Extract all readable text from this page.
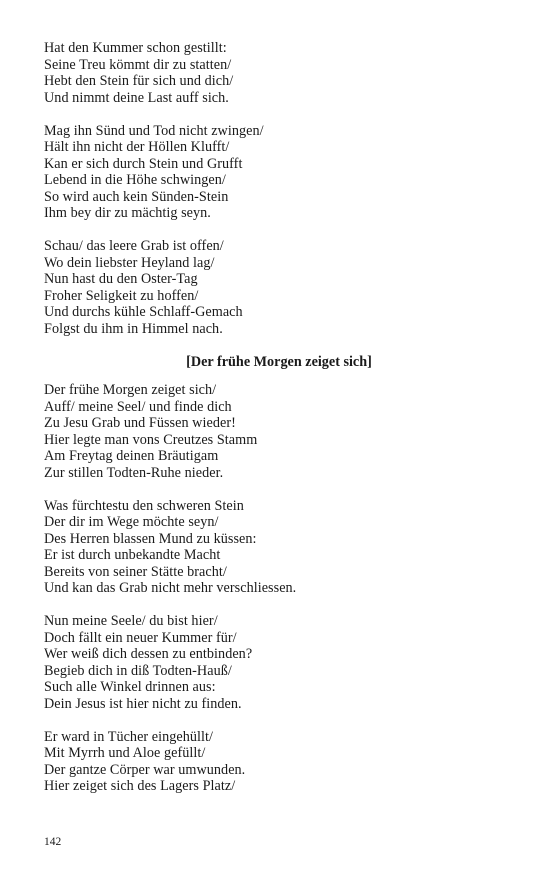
Hat den Kummer schon gestillt:
Seine Treu kömmt dir zu statten/
Hebt den Stein für sich und dich/
Und nimmt deine Last auff sich.
Mag ihn Sünd und Tod nicht zwingen/
Hält ihn nicht der Höllen Klufft/
Kan er sich durch Stein und Grufft
Lebend in die Höhe schwingen/
So wird auch kein Sünden-Stein
Ihm bey dir zu mächtig seyn.
Schau/ das leere Grab ist offen/
Wo dein liebster Heyland lag/
Nun hast du den Oster-Tag
Froher Seligkeit zu hoffen/
Und durchs kühle Schlaff-Gemach
Folgst du ihm in Himmel nach.
[Der frühe Morgen zeiget sich]
Der frühe Morgen zeiget sich/
Auff/ meine Seel/ und finde dich
Zu Jesu Grab und Füssen wieder!
Hier legte man vons Creutzes Stamm
Am Freytag deinen Bräutigam
Zur stillen Todten-Ruhe nieder.
Was fürchtestu den schweren Stein
Der dir im Wege möchte seyn/
Des Herren blassen Mund zu küssen:
Er ist durch unbekandte Macht
Bereits von seiner Stätte bracht/
Und kan das Grab nicht mehr verschliessen.
Nun meine Seele/ du bist hier/
Doch fällt ein neuer Kummer für/
Wer weiß dich dessen zu entbinden?
Begieb dich in diß Todten-Hauß/
Such alle Winkel drinnen aus:
Dein Jesus ist hier nicht zu finden.
Er ward in Tücher eingehüllt/
Mit Myrrh und Aloe gefüllt/
Der gantze Cörper war umwunden.
Hier zeiget sich des Lagers Platz/
142
